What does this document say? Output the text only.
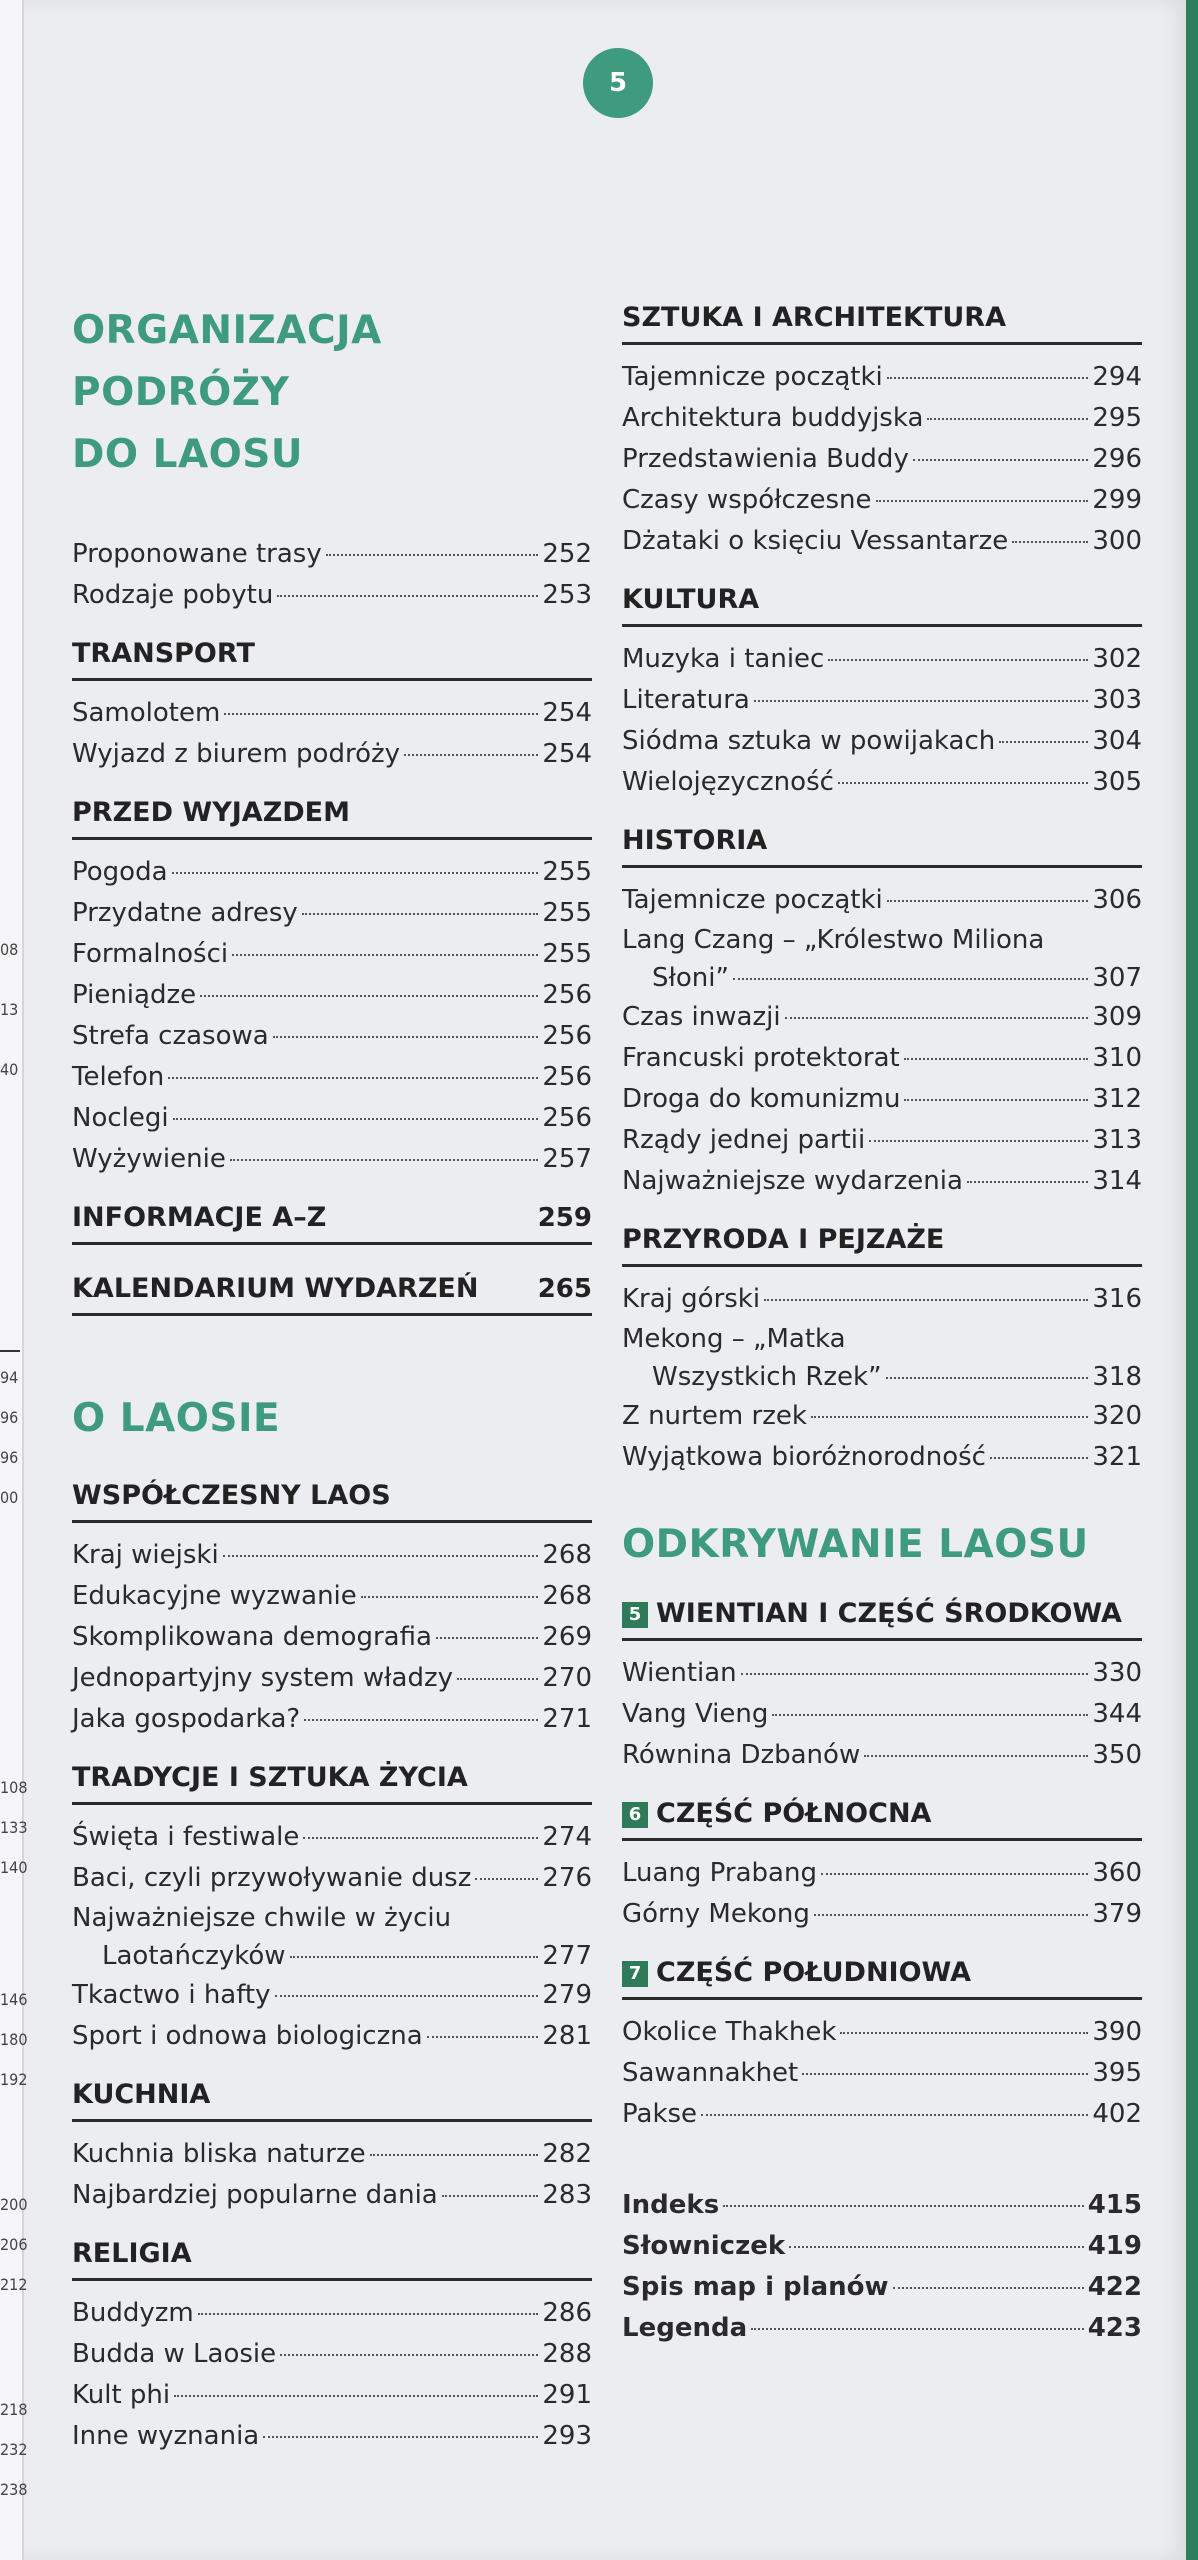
08
13
40
94
96
96
00
108
133
140
146
180
192
200
206
212
218
232
238
5
ORGANIZACJA PODRÓŻY
DO LAOSU
Proponowane trasy	252
Rodzaje pobytu	253
TRANSPORT
Samolotem	254
Wyjazd z biurem podróży	254
PRZED WYJAZDEM
Pogoda	255
Przydatne adresy	255
Formalności	255
Pieniądze	256
Strefa czasowa	256
Telefon	256
Noclegi	256
Wyżywienie	257
INFORMACJE A–Z	259
KALENDARIUM WYDARZEŃ 265
O LAOSIE
WSPÓŁCZESNY LAOS
Kraj wiejski	268
Edukacyjne wyzwanie	268
Skomplikowana demografia	269
Jednopartyjny system władzy	270
Jaka gospodarka?	271
TRADYCJE I SZTUKA ŻYCIA
Święta i festiwale	274
Baci, czyli przywoływanie dusz	276
Najważniejsze chwile w życiu
Laotańczyków	277
Tkactwo i hafty	279
Sport i odnowa biologiczna	281
KUCHNIA
Kuchnia bliska naturze	282
Najbardziej popularne dania	283
RELIGIA
Buddyzm	286
Budda w Laosie	288
Kult phi	291
Inne wyznania	293
SZTUKA I ARCHITEKTURA
Tajemnicze początki	294
Architektura buddyjska	295
Przedstawienia Buddy	296
Czasy współczesne	299
Dżataki o księciu Vessantarze	300
KULTURA
Muzyka i taniec	302
Literatura	303
Siódma sztuka w powijakach	304
Wielojęzyczność	305
HISTORIA
Tajemnicze początki	306
Lang Czang – „Królestwo Miliona
Słoni”	307
Czas inwazji	309
Francuski protektorat	310
Droga do komunizmu	312
Rządy jednej partii	313
Najważniejsze wydarzenia	314
PRZYRODA I PEJZAŻE
Kraj górski	316
Mekong – „Matka
Wszystkich Rzek”	318
Z nurtem rzek	320
Wyjątkowa bioróżnorodność	321
ODKRYWANIE LAOSU
5 WIENTIAN I CZĘŚĆ ŚRODKOWA
Wientian	330
Vang Vieng	344
Równina Dzbanów	350
6 CZĘŚĆ PÓŁNOCNA
Luang Prabang	360
Górny Mekong	379
7 CZĘŚĆ POŁUDNIOWA
Okolice Thakhek	390
Sawannakhet	395
Pakse	402
Indeks	415
Słowniczek	419
Spis map i planów	422
Legenda	423
